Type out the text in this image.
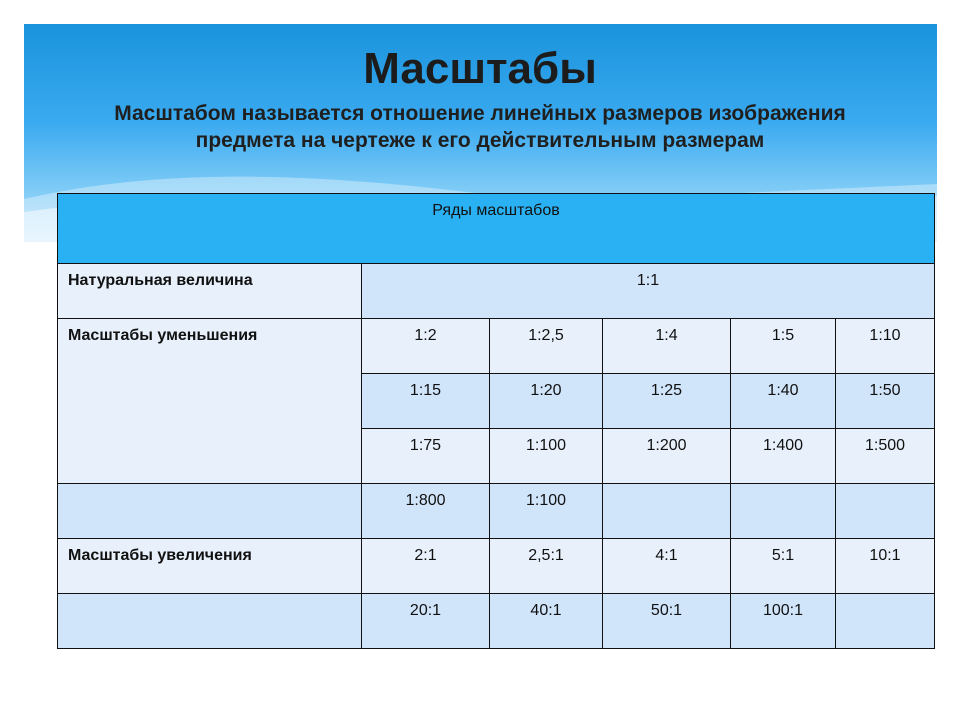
Масштабы
Масштабом называется отношение линейных размеров изображения
предмета на чертеже к его действительным размерам
Ряды масштабов					
Натуральная величина	1:1				
Масштабы уменьшения	1:2	1:2,5	1:4	1:5	1:10
	1:15	1:20	1:25	1:40	1:50
	1:75	1:100	1:200	1:400	1:500
	1:800	1:100			
Масштабы увеличения	2:1	2,5:1	4:1	5:1	10:1
	20:1	40:1	50:1	100:1	
